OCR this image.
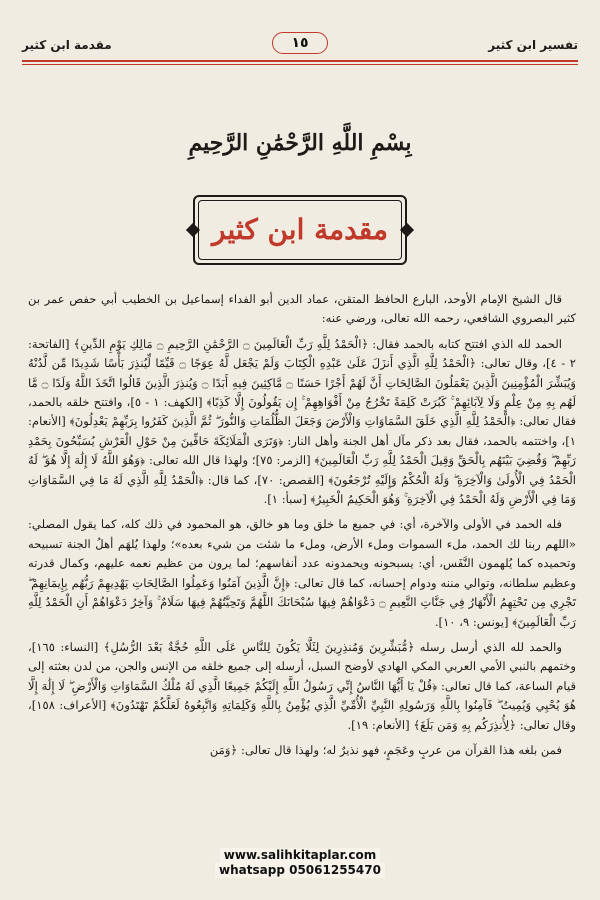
تفسير ابن كثير
١٥
مقدمة ابن كثير
بِسْمِ اللَّهِ الرَّحْمَٰنِ الرَّحِيمِ
مقدمة ابن كثير

قال الشيخ الإمام الأوحد، البارع الحافظ المتقن، عماد الدين أبو الفداء إسماعيل بن الخطيب أبي حفص عمر بن كثير البصروي الشافعي، رحمه الله تعالى، ورضي عنه:

الحمد لله الذي افتتح كتابه بالحمد فقال: ﴿الْحَمْدُ لِلَّهِ رَبِّ الْعَالَمِينَ ۝ الرَّحْمَٰنِ الرَّحِيمِ ۝ مَالِكِ يَوْمِ الدِّينِ﴾ [الفاتحة: ٢ - ٤]، وقال تعالى: ﴿الْحَمْدُ لِلَّهِ الَّذِي أَنزَلَ عَلَىٰ عَبْدِهِ الْكِتَابَ وَلَمْ يَجْعَل لَّهُ عِوَجًا ۝ قَيِّمًا لِّيُنذِرَ بَأْسًا شَدِيدًا مِّن لَّدُنْهُ وَيُبَشِّرَ الْمُؤْمِنِينَ الَّذِينَ يَعْمَلُونَ الصَّالِحَاتِ أَنَّ لَهُمْ أَجْرًا حَسَنًا ۝ مَّاكِثِينَ فِيهِ أَبَدًا ۝ وَيُنذِرَ الَّذِينَ قَالُوا اتَّخَذَ اللَّهُ وَلَدًا ۝ مَّا لَهُم بِهِ مِنْ عِلْمٍ وَلَا لِآبَائِهِمْ ۚ كَبُرَتْ كَلِمَةً تَخْرُجُ مِنْ أَفْوَاهِهِمْ ۚ إِن يَقُولُونَ إِلَّا كَذِبًا﴾ [الكهف: ١ - ٥]، وافتتح خلقه بالحمد، فقال تعالى: ﴿الْحَمْدُ لِلَّهِ الَّذِي خَلَقَ السَّمَاوَاتِ وَالْأَرْضَ وَجَعَلَ الظُّلُمَاتِ وَالنُّورَ ۖ ثُمَّ الَّذِينَ كَفَرُوا بِرَبِّهِمْ يَعْدِلُونَ﴾ [الأنعام: ١]، واختتمه بالحمد، فقال بعد ذكر مآل أهل الجنة وأهل النار: ﴿وَتَرَى الْمَلَائِكَةَ حَافِّينَ مِنْ حَوْلِ الْعَرْشِ يُسَبِّحُونَ بِحَمْدِ رَبِّهِمْ ۖ وَقُضِيَ بَيْنَهُم بِالْحَقِّ وَقِيلَ الْحَمْدُ لِلَّهِ رَبِّ الْعَالَمِينَ﴾ [الزمر: ٧٥]؛ ولهذا قال الله تعالى: ﴿وَهُوَ اللَّهُ لَا إِلَٰهَ إِلَّا هُوَ ۖ لَهُ الْحَمْدُ فِي الْأُولَىٰ وَالْآخِرَةِ ۖ وَلَهُ الْحُكْمُ وَإِلَيْهِ تُرْجَعُونَ﴾ [القصص: ٧٠]، كما قال: ﴿الْحَمْدُ لِلَّهِ الَّذِي لَهُ مَا فِي السَّمَاوَاتِ وَمَا فِي الْأَرْضِ وَلَهُ الْحَمْدُ فِي الْآخِرَةِ ۚ وَهُوَ الْحَكِيمُ الْخَبِيرُ﴾ [سبأ: ١].

فله الحمد في الأولى والآخرة، أي: في جميع ما خلق وما هو خالق، هو المحمود في ذلك كله، كما يقول المصلي: «اللهم ربنا لك الحمد، ملء السموات وملء الأرض، وملء ما شئت من شيء بعده»؛ ولهذا يُلهَم أهلُ الجنة تسبيحه وتحميده كما يُلهمون النَّفَس، أي: يسبحونه ويحمدونه عدد أنفاسهم؛ لما يرون من عظيم نعمه عليهم، وكمال قدرته وعظيم سلطانه، وتوالي مننه ودوام إحسانه، كما قال تعالى: ﴿إِنَّ الَّذِينَ آمَنُوا وَعَمِلُوا الصَّالِحَاتِ يَهْدِيهِمْ رَبُّهُم بِإِيمَانِهِمْ ۖ تَجْرِي مِن تَحْتِهِمُ الْأَنْهَارُ فِي جَنَّاتِ النَّعِيمِ ۝ دَعْوَاهُمْ فِيهَا سُبْحَانَكَ اللَّهُمَّ وَتَحِيَّتُهُمْ فِيهَا سَلَامٌ ۚ وَآخِرُ دَعْوَاهُمْ أَنِ الْحَمْدُ لِلَّهِ رَبِّ الْعَالَمِينَ﴾ [يونس: ٩، ١٠].

والحمد لله الذي أرسل رسله ﴿مُّبَشِّرِينَ وَمُنذِرِينَ لِئَلَّا يَكُونَ لِلنَّاسِ عَلَى اللَّهِ حُجَّةٌ بَعْدَ الرُّسُلِ﴾ [النساء: ١٦٥]، وختمهم بالنبي الأمي العربي المكي الهادي لأوضح السبل، أرسله إلى جميع خلقه من الإنس والجن، من لدن بعثته إلى قيام الساعة، كما قال تعالى: ﴿قُلْ يَا أَيُّهَا النَّاسُ إِنِّي رَسُولُ اللَّهِ إِلَيْكُمْ جَمِيعًا الَّذِي لَهُ مُلْكُ السَّمَاوَاتِ وَالْأَرْضِ ۖ لَا إِلَٰهَ إِلَّا هُوَ يُحْيِي وَيُمِيتُ ۖ فَآمِنُوا بِاللَّهِ وَرَسُولِهِ النَّبِيِّ الْأُمِّيِّ الَّذِي يُؤْمِنُ بِاللَّهِ وَكَلِمَاتِهِ وَاتَّبِعُوهُ لَعَلَّكُمْ تَهْتَدُونَ﴾ [الأعراف: ١٥٨]، وقال تعالى: ﴿لِأُنذِرَكُم بِهِ وَمَن بَلَغَ﴾ [الأنعام: ١٩].

فمن بلغه هذا القرآن من عربٍ وعَجَمٍ، فهو نذيرٌ له؛ ولهذا قال تعالى: ﴿وَمَن

www.salihkitaplar.com
whatsapp 05061255470
